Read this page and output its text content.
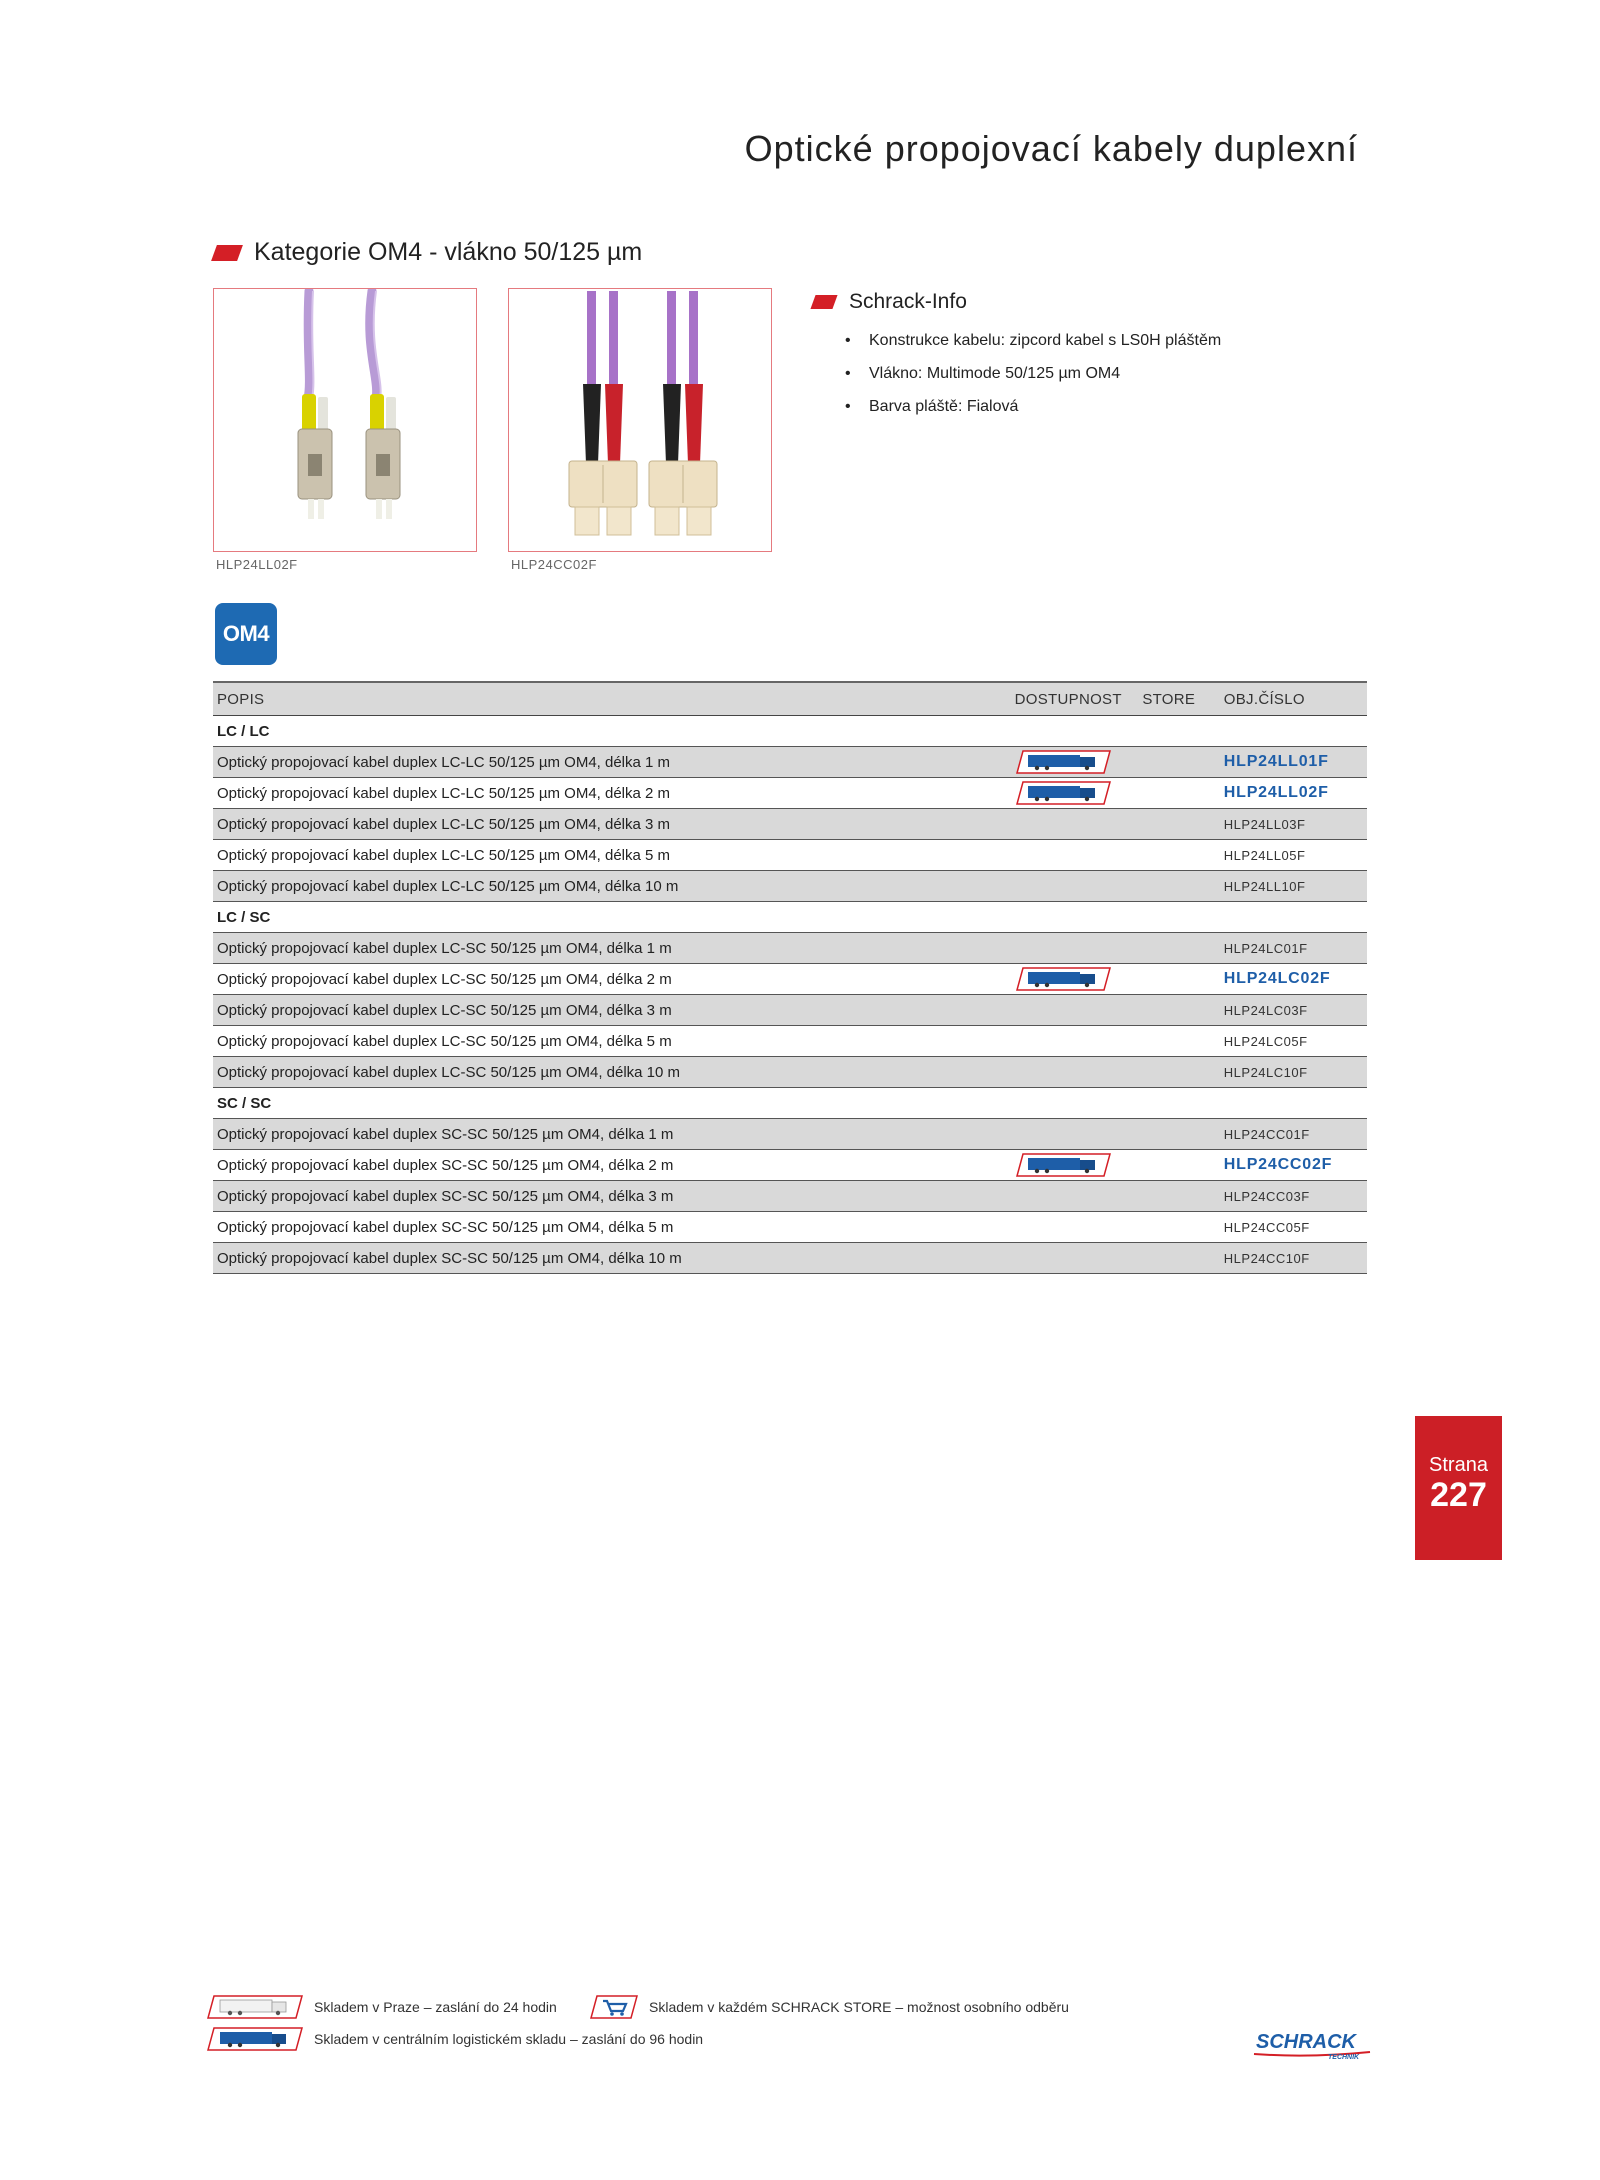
Optické propojovací kabely duplexní
Kategorie OM4 - vlákno 50/125 µm
HLP24LL02F	HLP24CC02F
Schrack-Info
• Konstrukce kabelu: zipcord kabel s LS0H pláštěm
• Vlákno: Multimode 50/125 µm OM4
• Barva pláště: Fialová
OM4
POPIS	DOSTUPNOST	STORE	OBJ.ČÍSLO
LC / LC			
Optický propojovací kabel duplex LC-LC 50/125 µm OM4, délka 1 m			HLP24LL01F
Optický propojovací kabel duplex LC-LC 50/125 µm OM4, délka 2 m			HLP24LL02F
Optický propojovací kabel duplex LC-LC 50/125 µm OM4, délka 3 m			HLP24LL03F
Optický propojovací kabel duplex LC-LC 50/125 µm OM4, délka 5 m			HLP24LL05F
Optický propojovací kabel duplex LC-LC 50/125 µm OM4, délka 10 m			HLP24LL10F
LC / SC			
Optický propojovací kabel duplex LC-SC 50/125 µm OM4, délka 1 m			HLP24LC01F
Optický propojovací kabel duplex LC-SC 50/125 µm OM4, délka 2 m			HLP24LC02F
Optický propojovací kabel duplex LC-SC 50/125 µm OM4, délka 3 m			HLP24LC03F
Optický propojovací kabel duplex LC-SC 50/125 µm OM4, délka 5 m			HLP24LC05F
Optický propojovací kabel duplex LC-SC 50/125 µm OM4, délka 10 m			HLP24LC10F
SC / SC			
Optický propojovací kabel duplex SC-SC 50/125 µm OM4, délka 1 m			HLP24CC01F
Optický propojovací kabel duplex SC-SC 50/125 µm OM4, délka 2 m			HLP24CC02F
Optický propojovací kabel duplex SC-SC 50/125 µm OM4, délka 3 m			HLP24CC03F
Optický propojovací kabel duplex SC-SC 50/125 µm OM4, délka 5 m			HLP24CC05F
Optický propojovací kabel duplex SC-SC 50/125 µm OM4, délka 10 m			HLP24CC10F
Strana
227
Skladem v Praze – zaslání do 24 hodin	Skladem v každém SCHRACK STORE – možnost osobního odběru
Skladem v centrálním logistickém skladu – zaslání do 96 hodin	SCHRACK
TECHNIK
